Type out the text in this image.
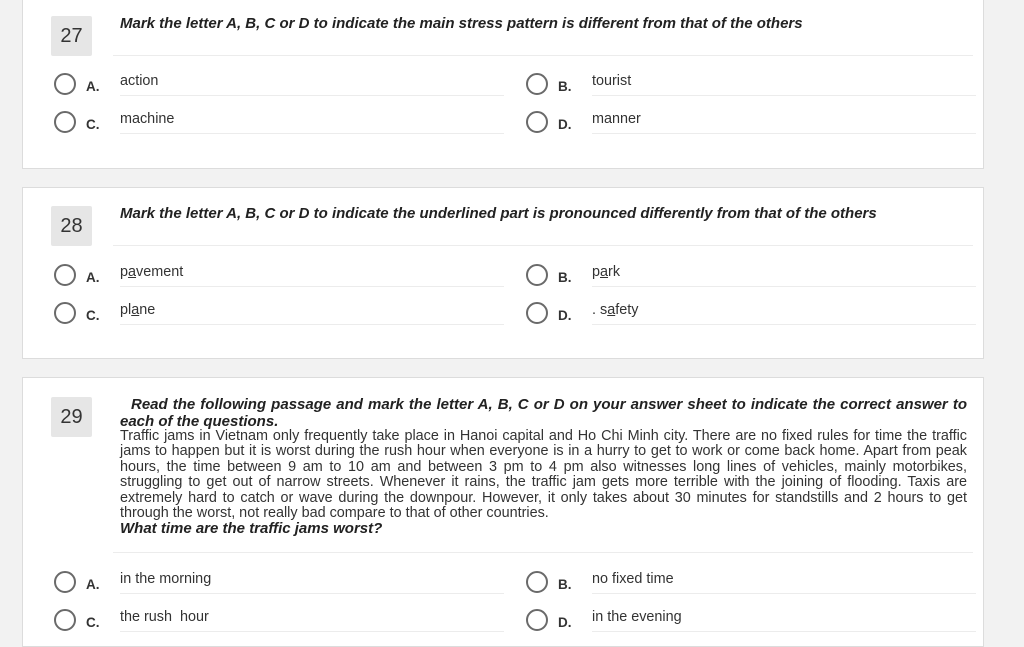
27
Mark the letter A, B, C or D to indicate the main stress pattern is different from that of the others
A. action	B. tourist
C. machine	D. manner
28
Mark the letter A, B, C or D to indicate the underlined part is pronounced differently from that of the others
A. pavement	B. park
C. plane	D. . safety
29
Read the following passage and mark the letter A, B, C or D on your answer sheet to indicate the correct answer to each of the questions.
Traffic jams in Vietnam only frequently take place in Hanoi capital and Ho Chi Minh city. There are no fixed rules for time the traffic jams to happen but it is worst during the rush hour when everyone is in a hurry to get to work or come back home. Apart from peak hours, the time between 9 am to 10 am and between 3 pm to 4 pm also witnesses long lines of vehicles, mainly motorbikes, struggling to get out of narrow streets. Whenever it rains, the traffic jam gets more terrible with the joining of flooding. Taxis are extremely hard to catch or wave during the downpour. However, it only takes about 30 minutes for standstills and 2 hours to get through the worst, not really bad compare to that of other countries.
What time are the traffic jams worst?
A. in the morning	B. no fixed time
C. the rush  hour	D. in the evening
